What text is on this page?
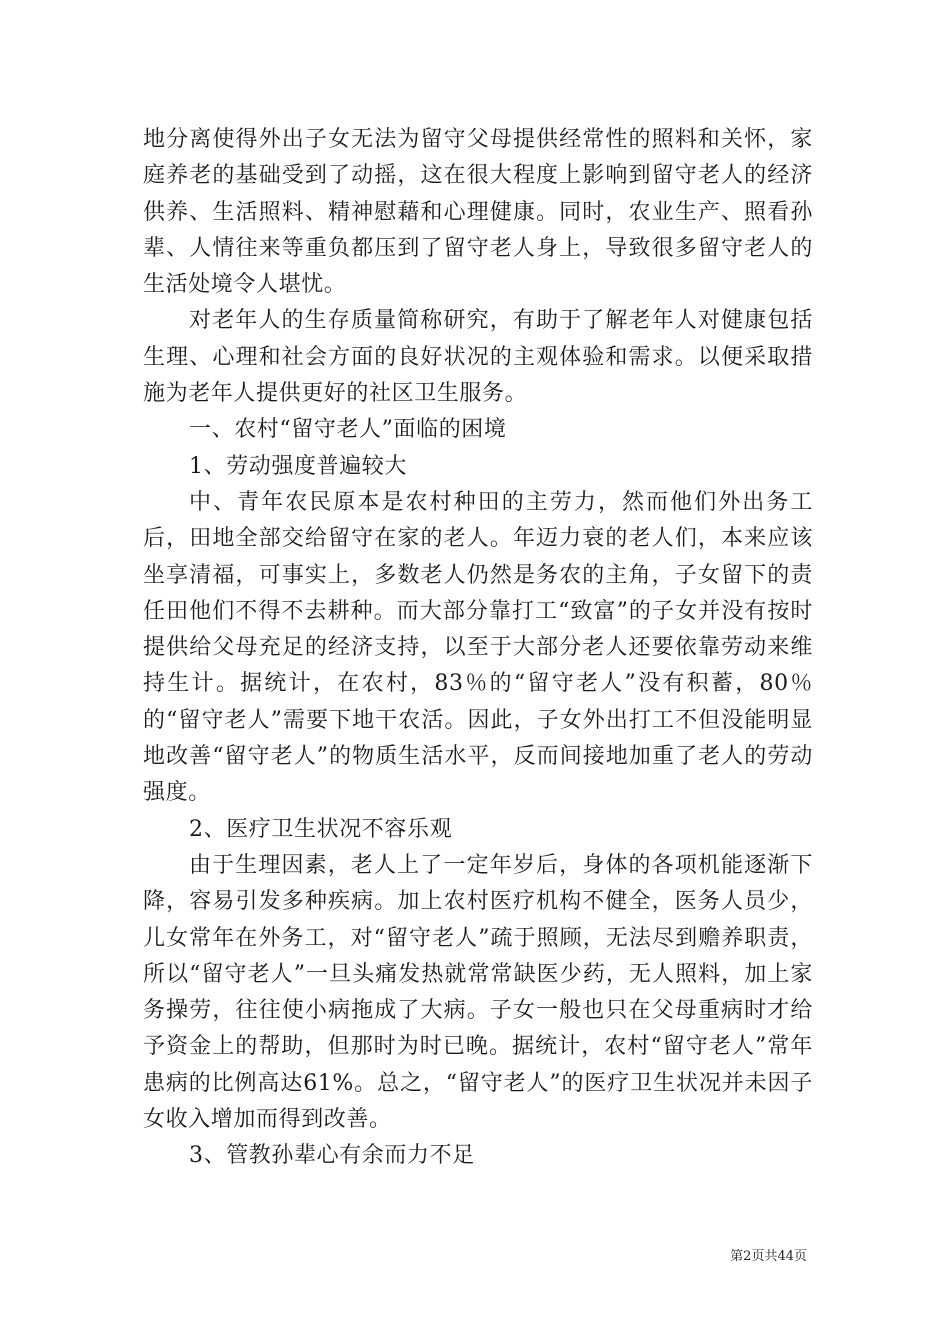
地分离使得外出子女无法为留守父母提供经常性的照料和关怀，家庭养老的基础受到了动摇，这在很大程度上影响到留守老人的经济供养、生活照料、精神慰藉和心理健康。同时，农业生产、照看孙辈、人情往来等重负都压到了留守老人身上，导致很多留守老人的生活处境令人堪忧。

对老年人的生存质量简称研究，有助于了解老年人对健康包括生理、心理和社会方面的良好状况的主观体验和需求。以便采取措施为老年人提供更好的社区卫生服务。

一、农村“留守老人”面临的困境

1、劳动强度普遍较大

中、青年农民原本是农村种田的主劳力，然而他们外出务工后，田地全部交给留守在家的老人。年迈力衰的老人们，本来应该坐享清福，可事实上，多数老人仍然是务农的主角，子女留下的责任田他们不得不去耕种。而大部分靠打工“致富”的子女并没有按时提供给父母充足的经济支持，以至于大部分老人还要依靠劳动来维持生计。据统计，在农村，83％的“留守老人”没有积蓄，80％的“留守老人”需要下地干农活。因此，子女外出打工不但没能明显地改善“留守老人”的物质生活水平，反而间接地加重了老人的劳动强度。

2、医疗卫生状况不容乐观

由于生理因素，老人上了一定年岁后，身体的各项机能逐渐下降，容易引发多种疾病。加上农村医疗机构不健全，医务人员少，儿女常年在外务工，对“留守老人”疏于照顾，无法尽到赡养职责，所以“留守老人”一旦头痛发热就常常缺医少药，无人照料，加上家务操劳，往往使小病拖成了大病。子女一般也只在父母重病时才给予资金上的帮助，但那时为时已晚。据统计，农村“留守老人”常年患病的比例高达61%。总之，“留守老人”的医疗卫生状况并未因子女收入增加而得到改善。

3、管教孙辈心有余而力不足

第2页共44页
